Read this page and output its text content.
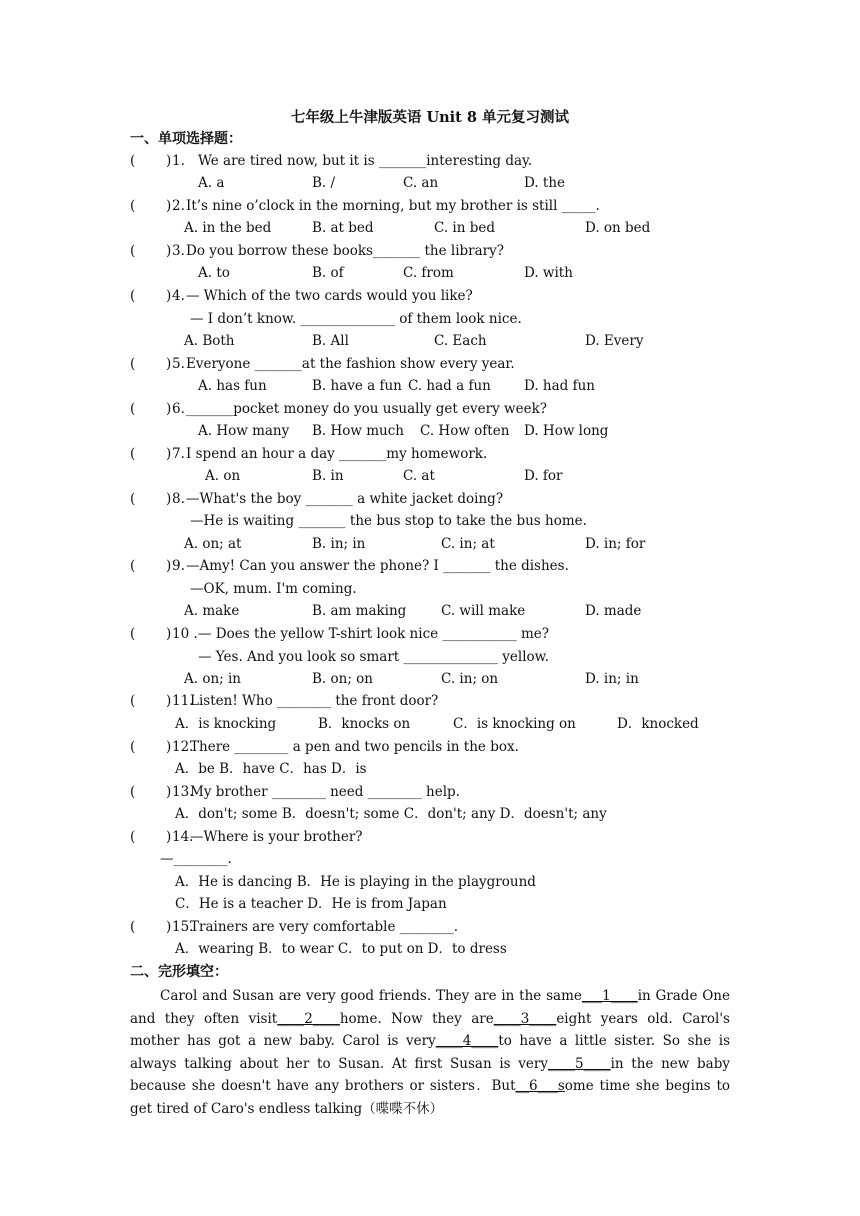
七年级上牛津版英语 Unit 8 单元复习测试
一、单项选择题：
( ) 1. We are tired now, but it is _______interesting day.
A. a	B. /	C. an	D. the
( ) 2. It’s nine o’clock in the morning, but my brother is still _____.
A. in the bed	B. at bed	C. in bed	D. on bed
( ) 3. Do you borrow these books_______ the library?
A. to	B. of	C. from	D. with
( ) 4. — Which of the two cards would you like?
— I don’t know. ______________ of them look nice.
A. Both	B. All	C. Each	D. Every
( ) 5. Everyone _______at the fashion show every year.
A. has fun	B. have a fun C. had a fun D. had fun
( ) 6. _______pocket money do you usually get every week?
A. How many B. How much C. How often D. How long
( ) 7. I spend an hour a day _______my homework.
A. on	B. in	C. at	D. for
( ) 8. —What's the boy _______ a white jacket doing?
—He is waiting _______ the bus stop to take the bus home.
A. on; at	B. in; in	C. in; at	D. in; for
( ) 9. —Amy! Can you answer the phone? I _______ the dishes.
—OK, mum. I'm coming.
A. make	B. am making	C. will make	D. made
( ) 10 . — Does the yellow T-shirt look nice ___________ me?
— Yes. And you look so smart ______________ yellow.
A. on; in	B. on; on	C. in; on	D. in; in
( ) 11.
Listen! Who ________ the front door?
A．is knocking	B．knocks on	C．is knocking on	D．knocked
( ) 12.
There ________ a pen and two pencils in the box.
A．be B．have C．has D．is
( ) 13.
My brother ________ need ________ help.
A．don't; some B．doesn't; some C．don't; any D．doesn't; any
( ) 14.
—Where is your brother?
—________.
A．He is dancing B．He is playing in the playground
C．He is a teacher D．He is from Japan
( ) 15.
Trainers are very comfortable ________.
A．wearing B．to wear C．to put on D．to dress
二、完形填空：
Carol and Susan are very good friends. They are in the same___1____in Grade One and they often visit____2____home. Now they are____3____eight years old. Carol's mother has got a new baby. Carol is very____4____to have a little sister. So she is always talking about her to Susan. At first Susan is very____5____in the new baby because she doesn't have any brothers or sisters．But__6___some time she begins to get tired of Caro's endless talking（喋喋不休）
